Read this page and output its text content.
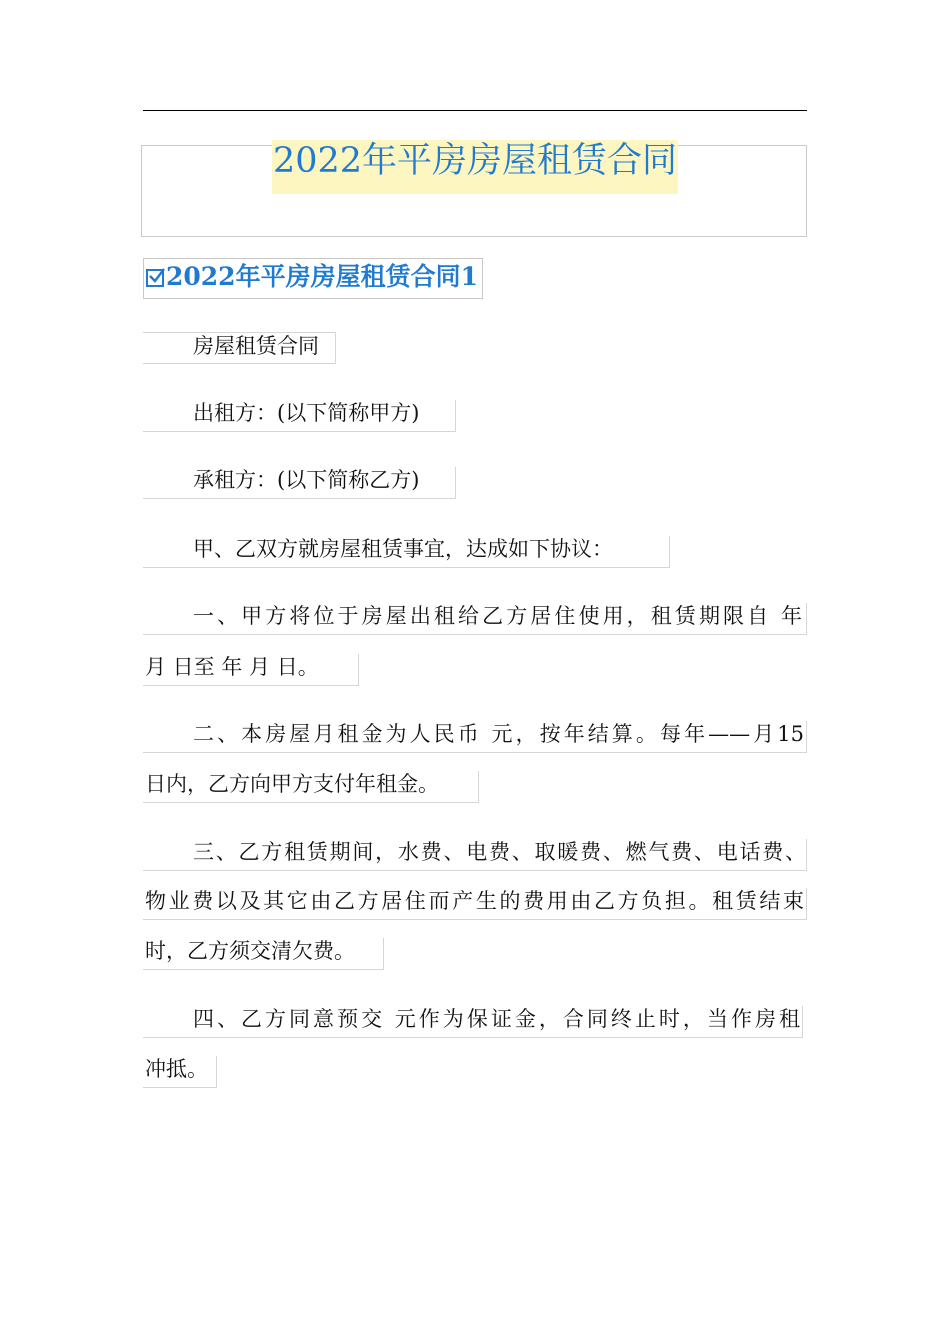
2022年平房房屋租赁合同
2022年平房房屋租赁合同1
房屋租赁合同
出租方：(以下简称甲方)
承租方：(以下简称乙方)
甲、乙双方就房屋租赁事宜，达成如下协议：
一、甲方将位于房屋出租给乙方居住使用，租赁期限自 年
月 日至 年 月 日。
二、本房屋月租金为人民币 元，按年结算。每年——月15
日内，乙方向甲方支付年租金。
三、乙方租赁期间，水费、电费、取暖费、燃气费、电话费、
物业费以及其它由乙方居住而产生的费用由乙方负担。租赁结束
时，乙方须交清欠费。
四、乙方同意预交 元作为保证金，合同终止时，当作房租
冲抵。
